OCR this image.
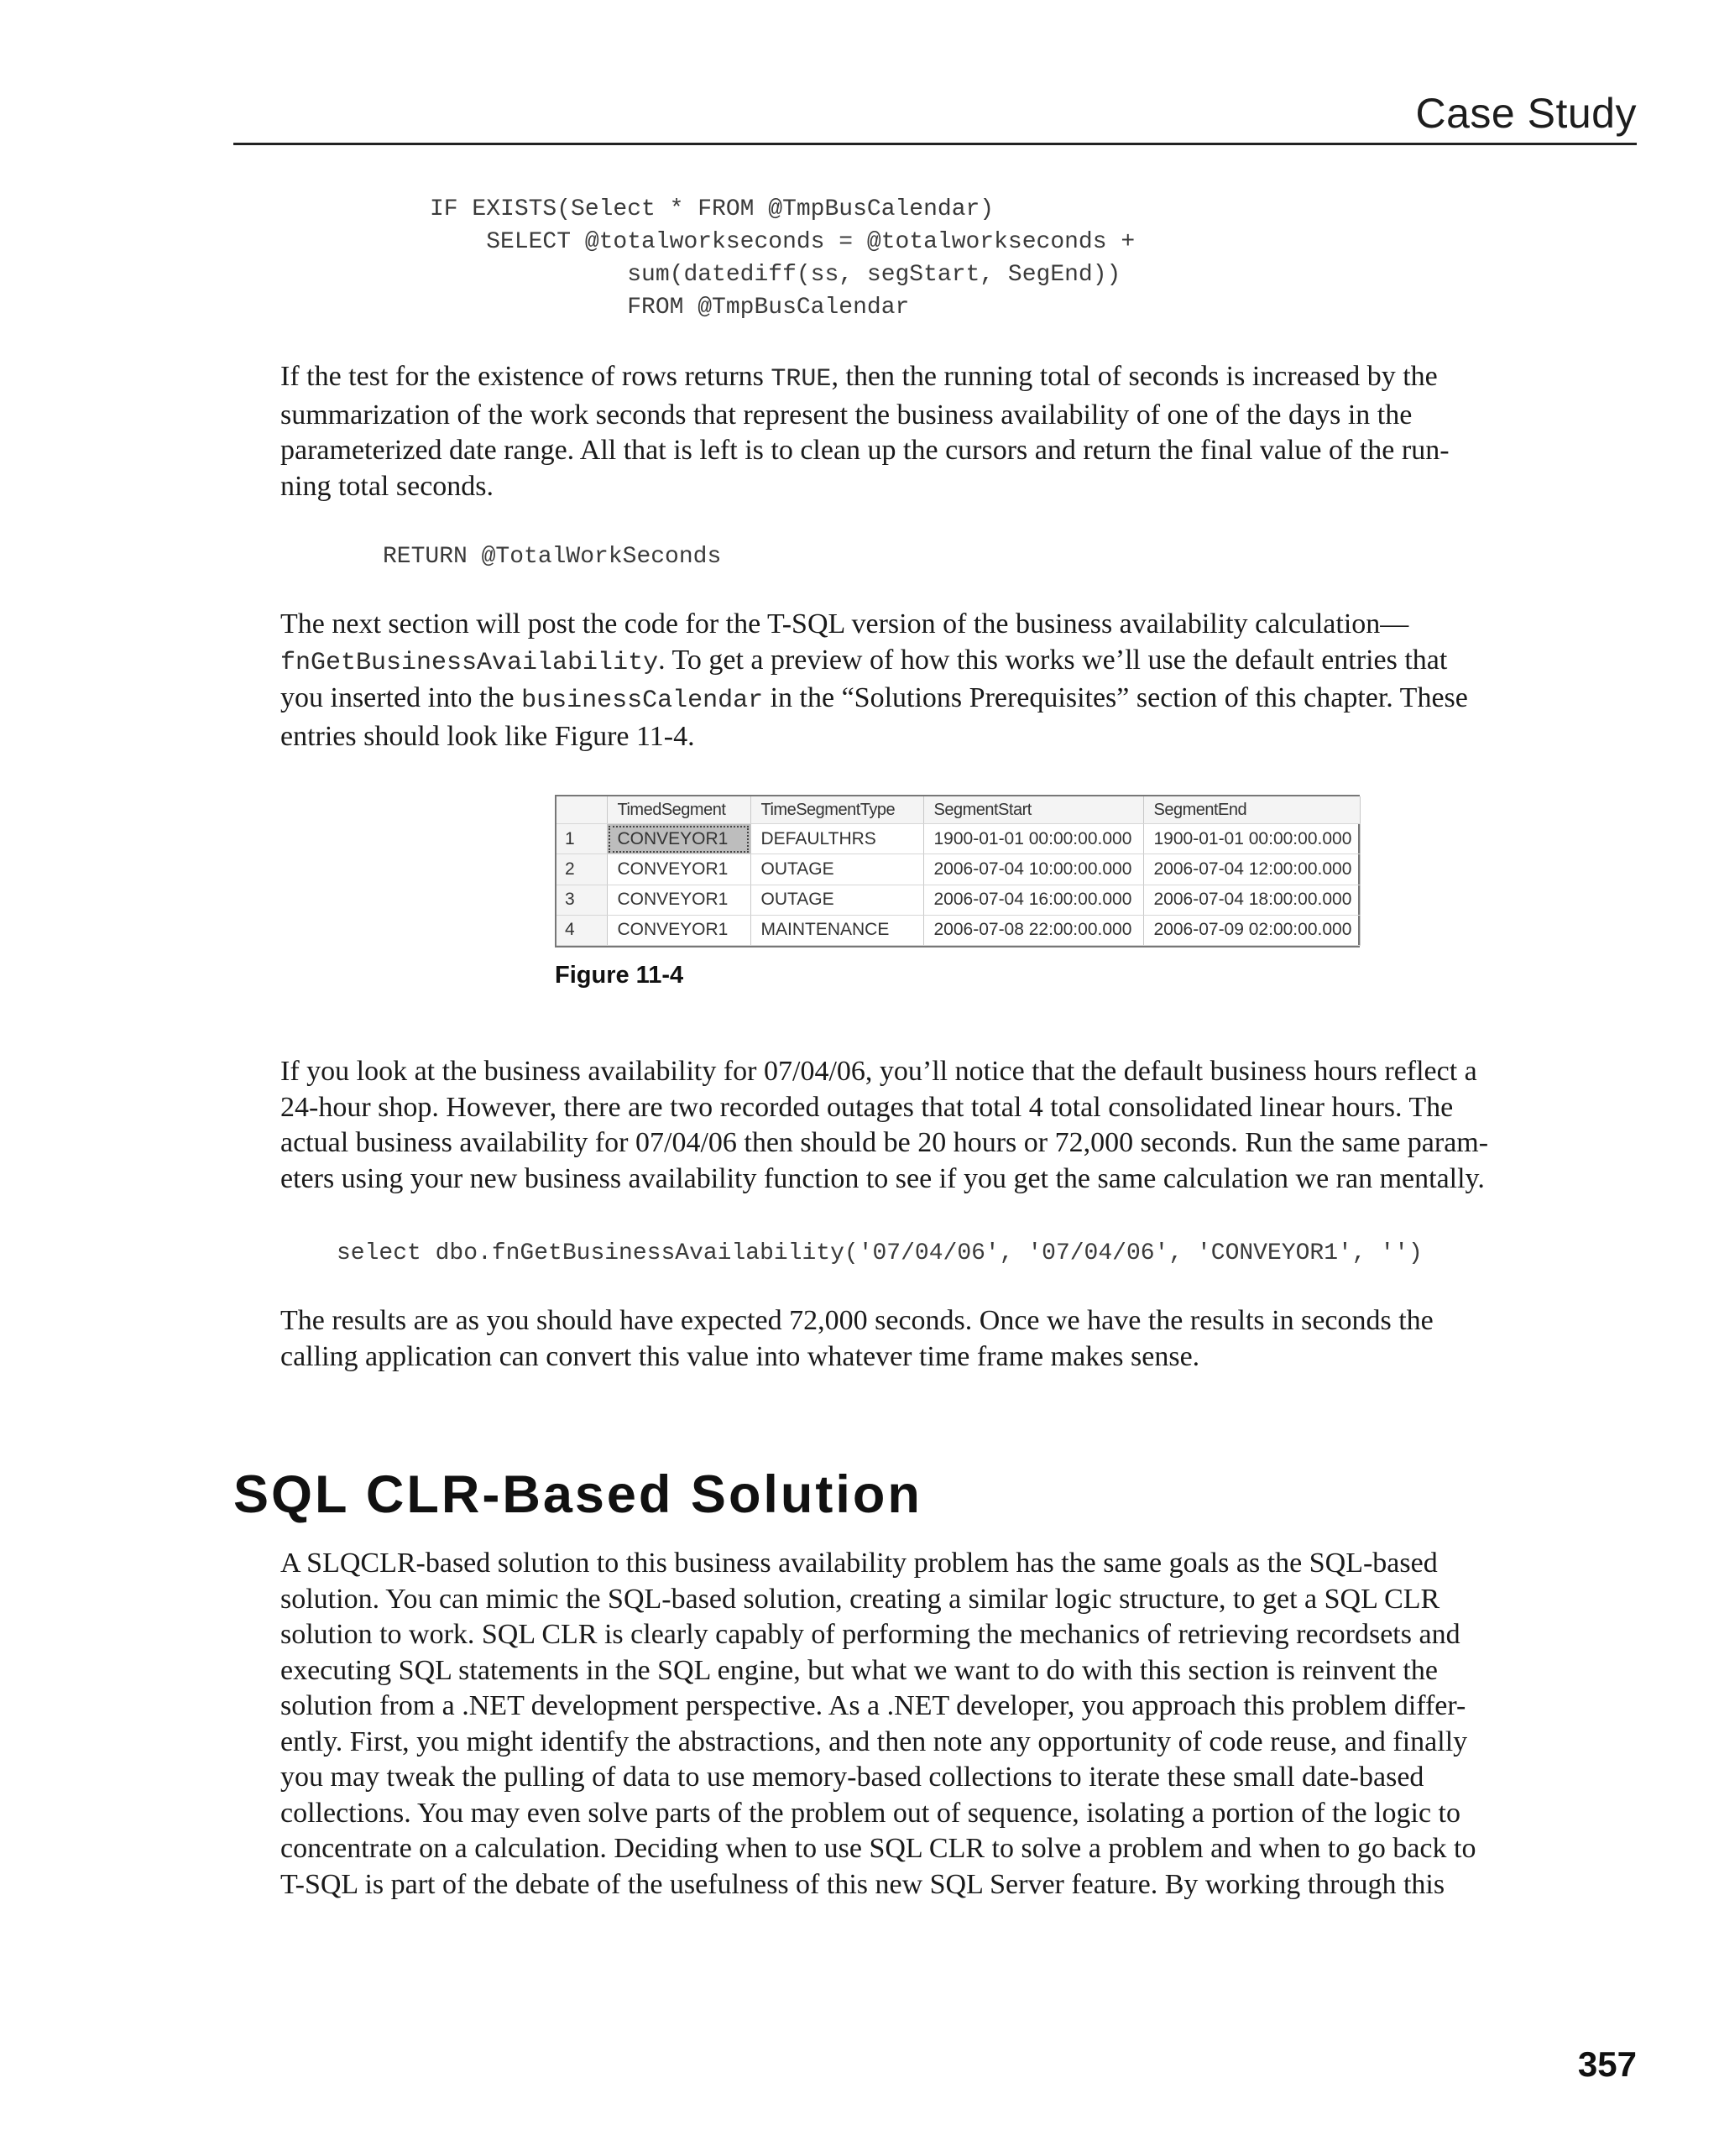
Case Study
IF EXISTS(Select * FROM @TmpBusCalendar)
SELECT @totalworkseconds = @totalworkseconds +
sum(datediff(ss, segStart, SegEnd))
FROM @TmpBusCalendar

If the test for the existence of rows returns TRUE, then the running total of seconds is increased by the
summarization of the work seconds that represent the business availability of one of the days in the
parameterized date range. All that is left is to clean up the cursors and return the final value of the run-
ning total seconds.

RETURN @TotalWorkSeconds

The next section will post the code for the T-SQL version of the business availability calculation—
fnGetBusinessAvailability. To get a preview of how this works we’ll use the default entries that
you inserted into the businessCalendar in the “Solutions Prerequisites” section of this chapter. These
entries should look like Figure 11-4.

	TimedSegment	TimeSegmentType	SegmentStart	SegmentEnd
1	CONVEYOR1	DEFAULTHRS	1900-01-01 00:00:00.000	1900-01-01 00:00:00.000
2	CONVEYOR1	OUTAGE	2006-07-04 10:00:00.000	2006-07-04 12:00:00.000
3	CONVEYOR1	OUTAGE	2006-07-04 16:00:00.000	2006-07-04 18:00:00.000
4	CONVEYOR1	MAINTENANCE	2006-07-08 22:00:00.000	2006-07-09 02:00:00.000
Figure 11-4

If you look at the business availability for 07/04/06, you’ll notice that the default business hours reflect a
24-hour shop. However, there are two recorded outages that total 4 total consolidated linear hours. The
actual business availability for 07/04/06 then should be 20 hours or 72,000 seconds. Run the same param-
eters using your new business availability function to see if you get the same calculation we ran mentally.

select dbo.fnGetBusinessAvailability('07/04/06', '07/04/06', 'CONVEYOR1', '')

The results are as you should have expected 72,000 seconds. Once we have the results in seconds the
calling application can convert this value into whatever time frame makes sense.

SQL CLR-Based Solution

A SLQCLR-based solution to this business availability problem has the same goals as the SQL-based
solution. You can mimic the SQL-based solution, creating a similar logic structure, to get a SQL CLR
solution to work. SQL CLR is clearly capably of performing the mechanics of retrieving recordsets and
executing SQL statements in the SQL engine, but what we want to do with this section is reinvent the
solution from a .NET development perspective. As a .NET developer, you approach this problem differ-
ently. First, you might identify the abstractions, and then note any opportunity of code reuse, and finally
you may tweak the pulling of data to use memory-based collections to iterate these small date-based
collections. You may even solve parts of the problem out of sequence, isolating a portion of the logic to
concentrate on a calculation. Deciding when to use SQL CLR to solve a problem and when to go back to
T-SQL is part of the debate of the usefulness of this new SQL Server feature. By working through this

357
